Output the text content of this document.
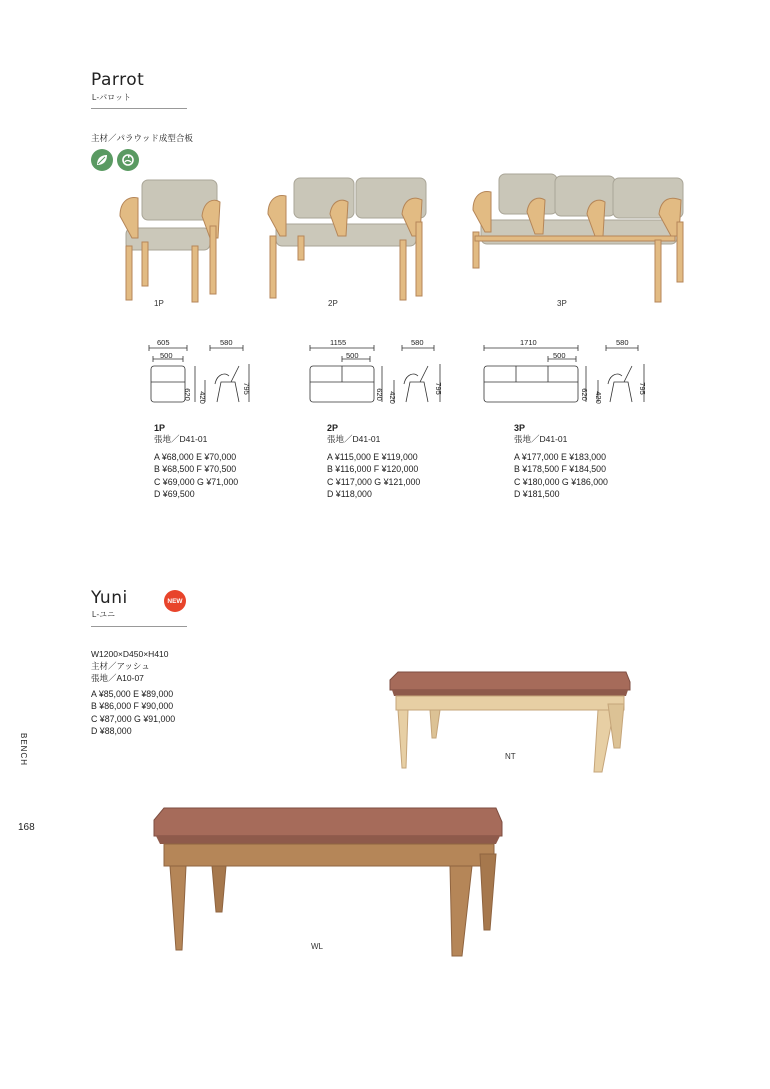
Parrot
L-パロット
主材／パラウッド成型合板
1P	2P	3P
605
500
580
620 420
795
1155
500
580
620 420
795
1710
500
580
620 420
795
1P
張地／D41-01
A ¥68,000 E ¥70,000
B ¥68,500 F ¥70,500
C ¥69,000 G ¥71,000
D ¥69,500
2P
張地／D41-01
A ¥115,000 E ¥119,000
B ¥116,000 F ¥120,000
C ¥117,000 G ¥121,000
D ¥118,000
3P
張地／D41-01
A ¥177,000 E ¥183,000
B ¥178,500 F ¥184,500
C ¥180,000 G ¥186,000
D ¥181,500
Yuni
L-ユニ
NEW
W1200×D450×H410
主材／アッシュ
張地／A10-07
A ¥85,000 E ¥89,000
B ¥86,000 F ¥90,000
C ¥87,000 G ¥91,000
D ¥88,000
NT
WL
BENCH
168
